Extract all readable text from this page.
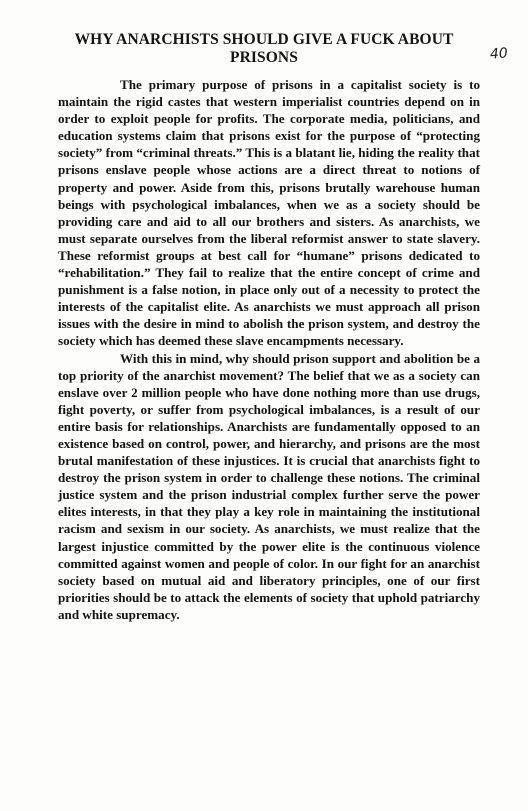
WHY ANARCHISTS SHOULD GIVE A FUCK ABOUT
PRISONS	40

The primary purpose of prisons in a capitalist society is to maintain the rigid castes that western imperialist countries depend on in order to exploit people for profits. The corporate media, politicians, and education systems claim that prisons exist for the purpose of “protecting society” from “criminal threats.” This is a blatant lie, hiding the reality that prisons enslave people whose actions are a direct threat to notions of property and power. Aside from this, prisons brutally warehouse human beings with psychological imbalances, when we as a society should be providing care and aid to all our brothers and sisters. As anarchists, we must separate ourselves from the liberal reformist answer to state slavery. These reformist groups at best call for “humane” prisons dedicated to “rehabilitation.” They fail to realize that the entire concept of crime and punishment is a false notion, in place only out of a necessity to protect the interests of the capitalist elite. As anarchists we must approach all prison issues with the desire in mind to abolish the prison system, and destroy the society which has deemed these slave encampments necessary.

With this in mind, why should prison support and abolition be a top priority of the anarchist movement? The belief that we as a society can enslave over 2 million people who have done nothing more than use drugs, fight poverty, or suffer from psychological imbalances, is a result of our entire basis for relationships. Anarchists are fundamentally opposed to an existence based on control, power, and hierarchy, and prisons are the most brutal manifestation of these injustices. It is crucial that anarchists fight to destroy the prison system in order to challenge these notions. The criminal justice system and the prison industrial complex further serve the power elites interests, in that they play a key role in maintaining the institutional racism and sexism in our society. As anarchists, we must realize that the largest injustice committed by the power elite is the continuous violence committed against women and people of color. In our fight for an anarchist society based on mutual aid and liberatory principles, one of our first priorities should be to attack the elements of society that uphold patriarchy and white supremacy.
